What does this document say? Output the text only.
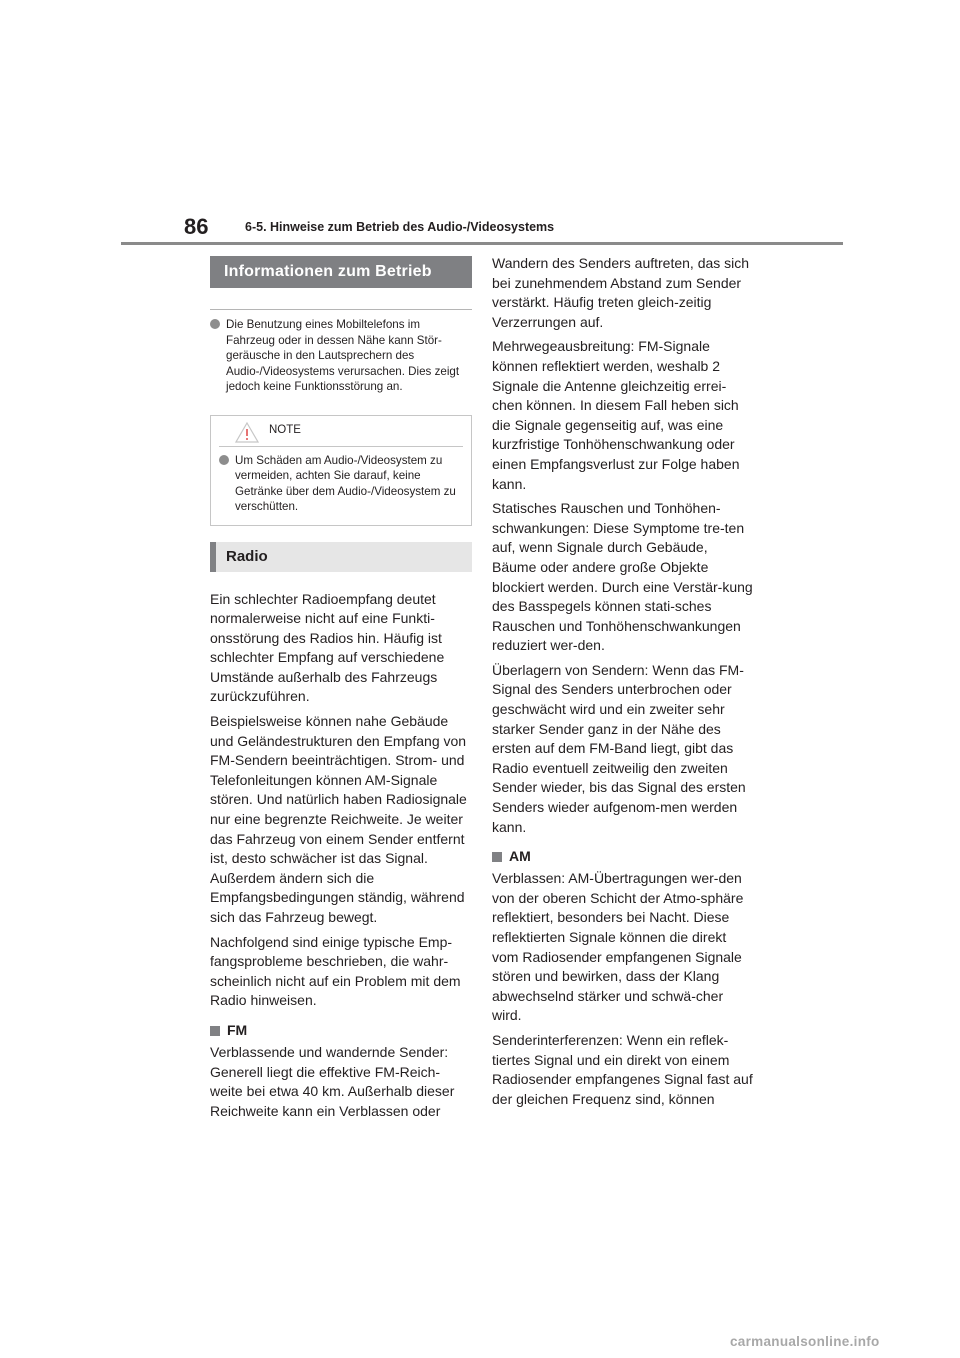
86	6-5. Hinweise zum Betrieb des Audio-/Videosystems
Informationen zum Betrieb
Die Benutzung eines Mobiltelefons im Fahrzeug oder in dessen Nähe kann Stör-geräusche in den Lautsprechern des Audio-/Videosystems verursachen. Dies zeigt jedoch keine Funktionsstörung an.
NOTE
Um Schäden am Audio-/Videosystem zu vermeiden, achten Sie darauf, keine Getränke über dem Audio-/Videosystem zu verschütten.
Radio

Ein schlechter Radioempfang deutet normalerweise nicht auf eine Funkti-onsstörung des Radios hin. Häufig ist schlechter Empfang auf verschiedene Umstände außerhalb des Fahrzeugs zurückzuführen.

Beispielsweise können nahe Gebäude und Geländestrukturen den Empfang von FM-Sendern beeinträchtigen. Strom- und Telefonleitungen können AM-Signale stören. Und natürlich haben Radiosignale nur eine begrenzte Reichweite. Je weiter das Fahrzeug von einem Sender entfernt ist, desto schwächer ist das Signal. Außerdem ändern sich die Empfangsbedingungen ständig, während sich das Fahrzeug bewegt.

Nachfolgend sind einige typische Emp-fangsprobleme beschrieben, die wahr-scheinlich nicht auf ein Problem mit dem Radio hinweisen.

FM

Verblassende und wandernde Sender: Generell liegt die effektive FM-Reich-weite bei etwa 40 km. Außerhalb dieser Reichweite kann ein Verblassen oder

Wandern des Senders auftreten, das sich bei zunehmendem Abstand zum Sender verstärkt. Häufig treten gleich-zeitig Verzerrungen auf.

Mehrwegeausbreitung: FM-Signale können reflektiert werden, weshalb 2 Signale die Antenne gleichzeitig errei-chen können. In diesem Fall heben sich die Signale gegenseitig auf, was eine kurzfristige Tonhöhenschwankung oder einen Empfangsverlust zur Folge haben kann.

Statisches Rauschen und Tonhöhen-schwankungen: Diese Symptome tre-ten auf, wenn Signale durch Gebäude, Bäume oder andere große Objekte blockiert werden. Durch eine Verstär-kung des Basspegels können stati-sches Rauschen und Tonhöhenschwankungen reduziert wer-den.

Überlagern von Sendern: Wenn das FM-Signal des Senders unterbrochen oder geschwächt wird und ein zweiter sehr starker Sender ganz in der Nähe des ersten auf dem FM-Band liegt, gibt das Radio eventuell zeitweilig den zweiten Sender wieder, bis das Signal des ersten Senders wieder aufgenom-men werden kann.

AM

Verblassen: AM-Übertragungen wer-den von der oberen Schicht der Atmo-sphäre reflektiert, besonders bei Nacht. Diese reflektierten Signale können die direkt vom Radiosender empfangenen Signale stören und bewirken, dass der Klang abwechselnd stärker und schwä-cher wird.

Senderinterferenzen: Wenn ein reflek-tiertes Signal und ein direkt von einem Radiosender empfangenes Signal fast auf der gleichen Frequenz sind, können

carmanualsonline.info
